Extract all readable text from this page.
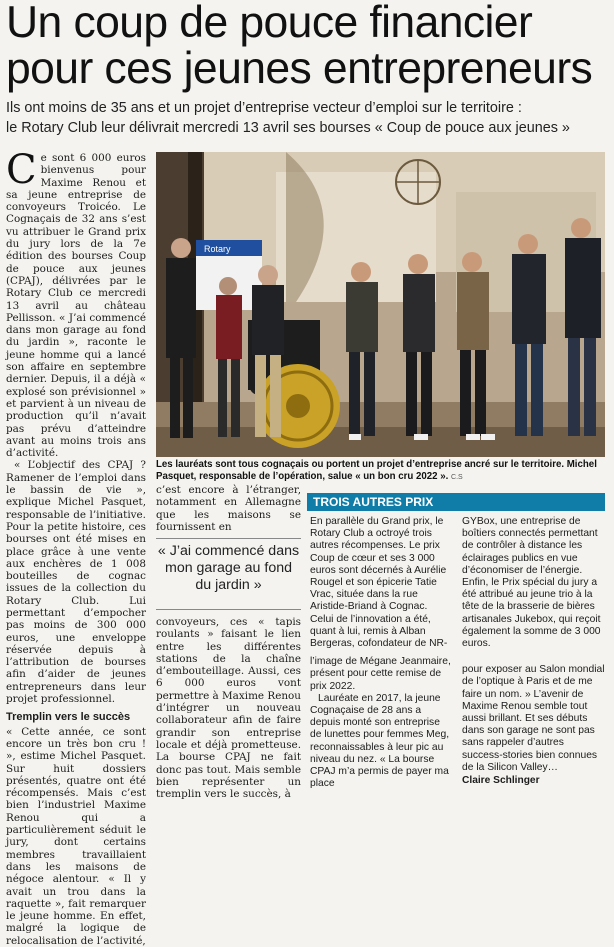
Un coup de pouce financier
pour ces jeunes entrepreneurs
Ils ont moins de 35 ans et un projet d’entreprise vecteur d’emploi sur le territoire :
le Rotary Club leur délivrait mercredi 13 avril ses bourses « Coup de pouce aux jeunes »

Ce sont 6 000 euros bienvenus pour Maxime Renou et sa jeune entreprise de convoyeurs Troicéo. Le Cognaçais de 32 ans s’est vu attribuer le Grand prix du jury lors de la 7e édition des bourses Coup de pouce aux jeunes (CPAJ), délivrées par le Rotary Club ce mercredi 13 avril au château Pellisson. « J’ai commencé dans mon garage au fond du jardin », raconte le jeune homme qui a lancé son affaire en septembre dernier. Depuis, il a déjà « explosé son prévisionnel » et parvient à un niveau de production qu’il n’avait pas prévu d’atteindre avant au moins trois ans d’activité.

« L’objectif des CPAJ ? Ramener de l’emploi dans le bassin de vie », explique Michel Pasquet, responsable de l’initiative. Pour la petite histoire, ces bourses ont été mises en place grâce à une vente aux enchères de 1 008 bouteilles de cognac issues de la collection du Rotary Club. Lui permettant d’empocher pas moins de 300 000 euros, une enveloppe réservée depuis à l’attribution de bourses afin d’aider de jeunes entrepreneurs dans leur projet professionnel.

Tremplin vers le succès

« Cette année, ce sont encore un très bon cru ! », estime Michel Pasquet. Sur huit dossiers présentés, quatre ont été récompensés. Mais c’est bien l’industriel Maxime Renou qui a particulièrement séduit le jury, dont certains membres travaillaient dans les maisons de négoce alentour. « Il y avait un trou dans la raquette », fait remarquer le jeune homme. En effet, malgré la logique de relocalisation de l’activité,

Rotary
Les lauréats sont tous cognaçais ou portent un projet d’entreprise ancré sur le territoire. Michel Pasquet, responsable de l’opération, salue « un bon cru 2022 ». C.S

c’est encore à l’étranger, notamment en Allemagne que les maisons se fournissent en

« J’ai commencé dans mon garage au fond du jardin »

convoyeurs, ces « tapis roulants » faisant le lien entre les différentes stations de la chaîne d’embouteillage. Aussi, ces 6 000 euros vont permettre à Maxime Renou d’intégrer un nouveau collaborateur afin de faire grandir son entreprise locale et déjà prometteuse. La bourse CPAJ ne fait donc pas tout. Mais semble bien représenter un tremplin vers le succès, à

TROIS AUTRES PRIX

En parallèle du Grand prix, le Rotary Club a octroyé trois autres récompenses. Le prix Coup de cœur et ses 3 000 euros sont décernés à Aurélie Rougel et son épicerie Tatie Vrac, située dans la rue Aristide-Briand à Cognac. Celui de l’innovation a été, quant à lui, remis à Alban Bergeras, cofondateur de NR-

l’image de Mégane Jeanmaire, présent pour cette remise de prix 2022.

Lauréate en 2017, la jeune Cognaçaise de 28 ans a depuis monté son entreprise de lunettes pour femmes Meg, reconnaissables à leur pic au niveau du nez. « La bourse CPAJ m’a permis de payer ma place

GYBox, une entreprise de boîtiers connectés permettant de contrôler à distance les éclairages publics en vue d’économiser de l’énergie. Enfin, le Prix spécial du jury a été attribué au jeune trio à la tête de la brasserie de bières artisanales Jukebox, qui reçoit également la somme de 3 000 euros.

pour exposer au Salon mondial de l’optique à Paris et de me faire un nom. » L’avenir de Maxime Renou semble tout aussi brillant. Et ses débuts dans son garage ne sont pas sans rappeler d’autres success-stories bien connues de la Silicon Valley…

Claire Schlinger
